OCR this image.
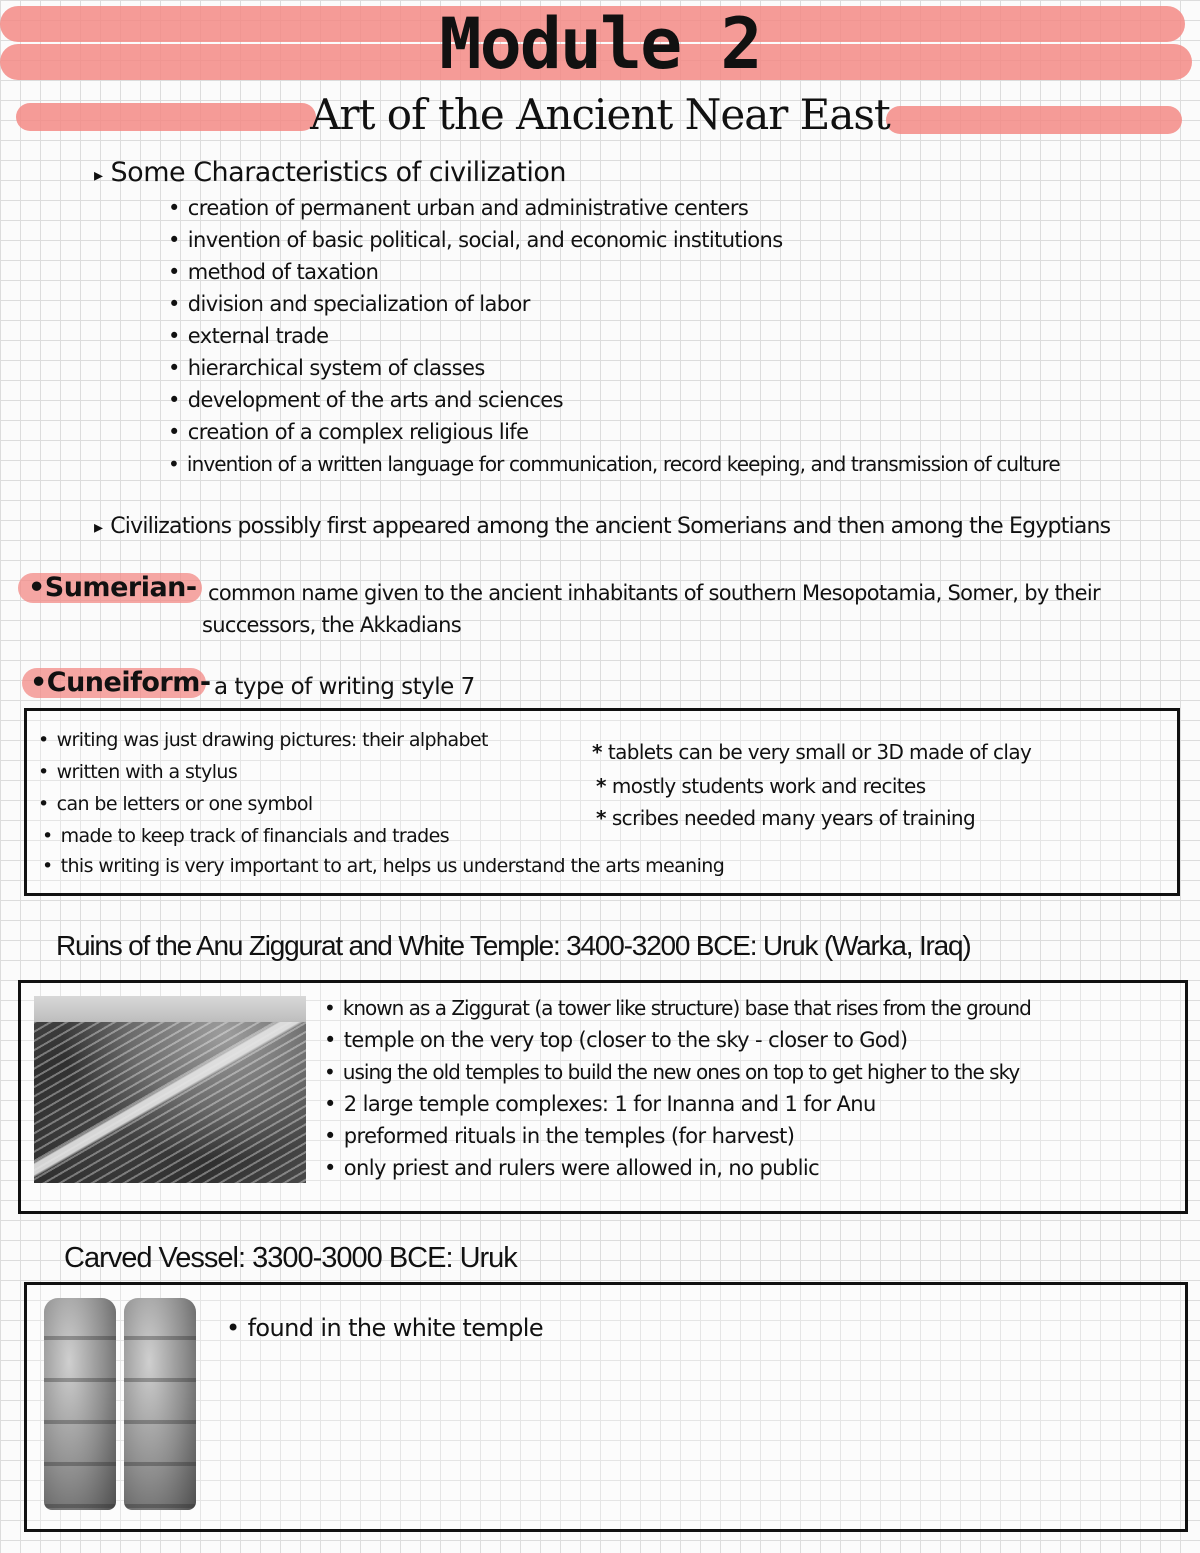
Module 2
Art of the Ancient Near East
▸ Some Characteristics of civilization
• creation of permanent urban and administrative centers
• invention of basic political, social, and economic institutions
• method of taxation
• division and specialization of labor
• external trade
• hierarchical system of classes
• development of the arts and sciences
• creation of a complex religious life
• invention of a written language for communication, record keeping, and transmission of culture
▸ Civilizations possibly first appeared among the ancient Somerians and then among the Egyptians
•Sumerian- common name given to the ancient inhabitants of southern Mesopotamia, Somer, by their
successors, the Akkadians
•Cuneiform- a type of writing style 7
• writing was just drawing pictures: their alphabet
• written with a stylus
• can be letters or one symbol
• made to keep track of financials and trades
• this writing is very important to art, helps us understand the arts meaning
* tablets can be very small or 3D made of clay
* mostly students work and recites
* scribes needed many years of training
Ruins of the Anu Ziggurat and White Temple: 3400-3200 BCE: Uruk (Warka, Iraq)
• known as a Ziggurat (a tower like structure) base that rises from the ground
• temple on the very top (closer to the sky - closer to God)
• using the old temples to build the new ones on top to get higher to the sky
• 2 large temple complexes: 1 for Inanna and 1 for Anu
• preformed rituals in the temples (for harvest)
• only priest and rulers were allowed in, no public
Carved Vessel: 3300-3000 BCE: Uruk
• found in the white temple
